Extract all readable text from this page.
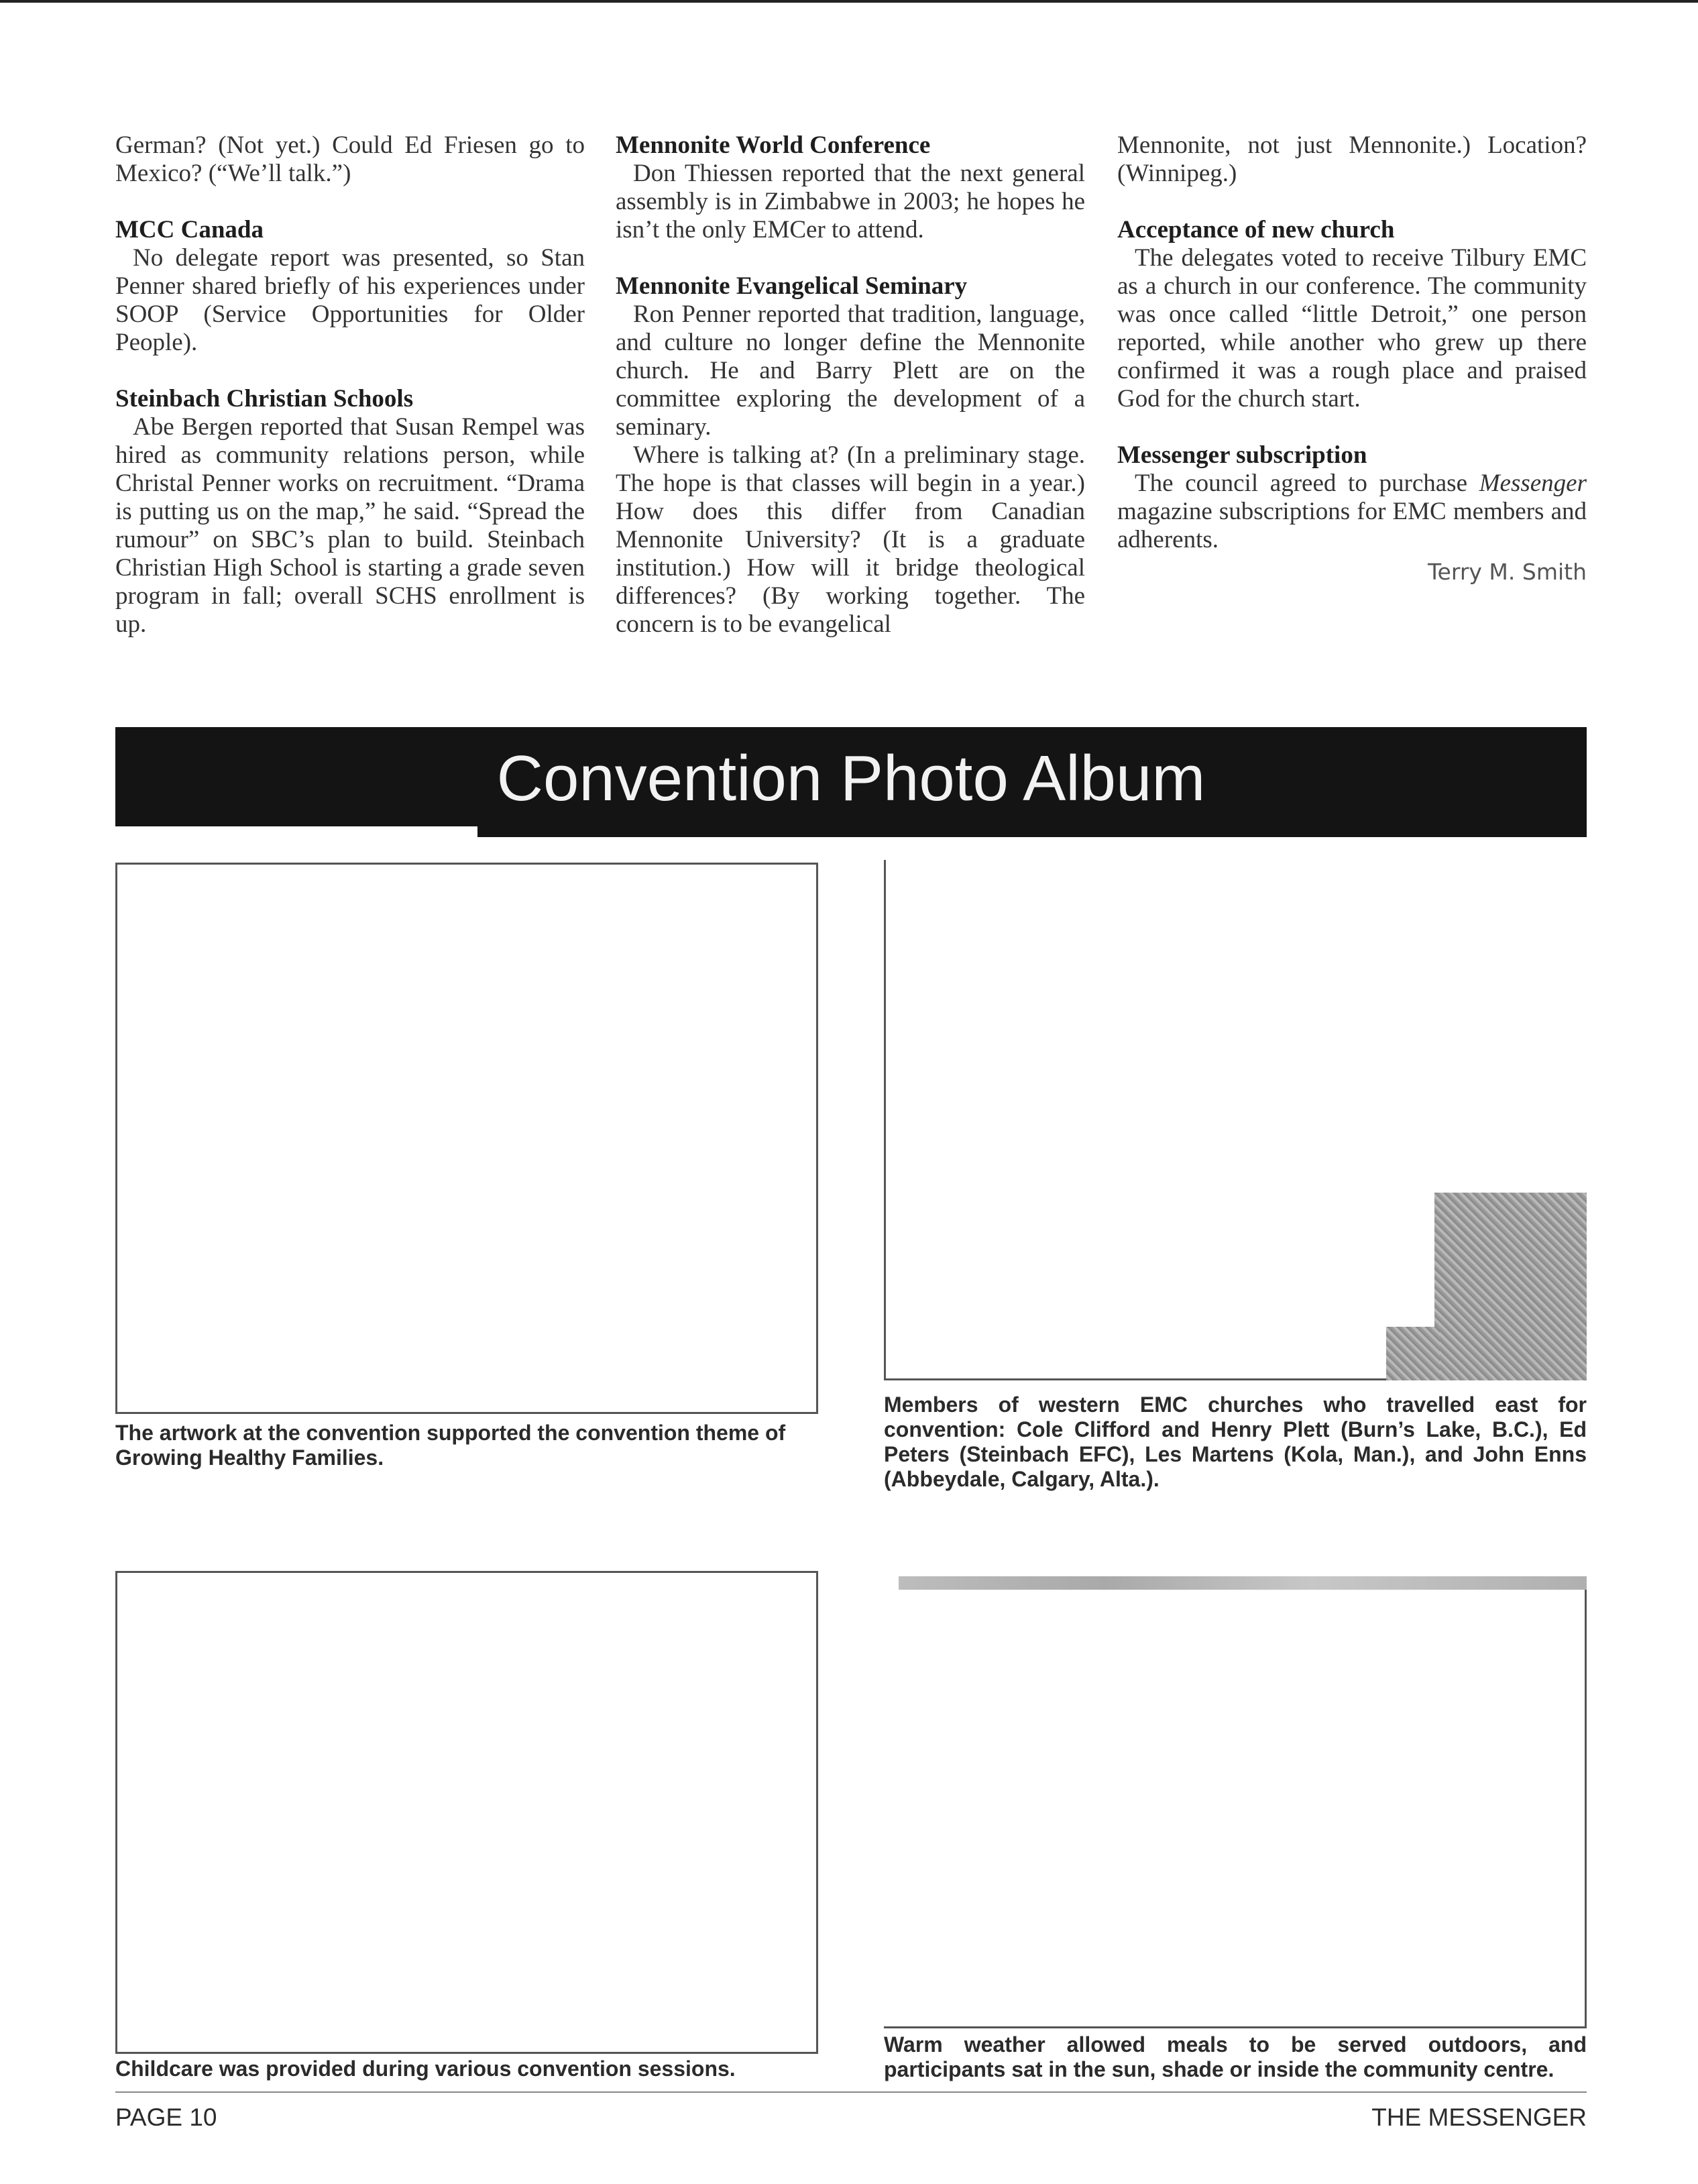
German? (Not yet.) Could Ed Friesen go to Mexico? (“We’ll talk.”)

MCC Canada

No delegate report was presented, so Stan Penner shared briefly of his experiences under SOOP (Service Opportunities for Older People).

Steinbach Christian Schools

Abe Bergen reported that Susan Rempel was hired as community relations person, while Christal Penner works on recruitment. “Drama is putting us on the map,” he said. “Spread the rumour” on SBC’s plan to build. Steinbach Christian High School is starting a grade seven program in fall; overall SCHS enrollment is up.

Mennonite World Conference

Don Thiessen reported that the next general assembly is in Zimbabwe in 2003; he hopes he isn’t the only EMCer to attend.

Mennonite Evangelical Seminary

Ron Penner reported that tradition, language, and culture no longer define the Mennonite church. He and Barry Plett are on the committee exploring the development of a seminary.

Where is talking at? (In a preliminary stage. The hope is that classes will begin in a year.) How does this differ from Canadian Mennonite University? (It is a graduate institution.) How will it bridge theological differences? (By working together. The concern is to be evangelical

Mennonite, not just Mennonite.) Location? (Winnipeg.)

Acceptance of new church

The delegates voted to receive Tilbury EMC as a church in our conference. The community was once called “little Detroit,” one person reported, while another who grew up there confirmed it was a rough place and praised God for the church start.

Messenger subscription

The council agreed to purchase Messenger magazine subscriptions for EMC members and adherents.

Terry M. Smith
Convention Photo Album
The artwork at the convention supported the convention theme of Growing Healthy Families.
Members of western EMC churches who travelled east for convention: Cole Clifford and Henry Plett (Burn’s Lake, B.C.), Ed Peters (Steinbach EFC), Les Martens (Kola, Man.), and John Enns (Abbeydale, Calgary, Alta.).
Childcare was provided during various convention sessions.
Warm weather allowed meals to be served outdoors, and participants sat in the sun, shade or inside the community centre.
PAGE 10	THE MESSENGER
